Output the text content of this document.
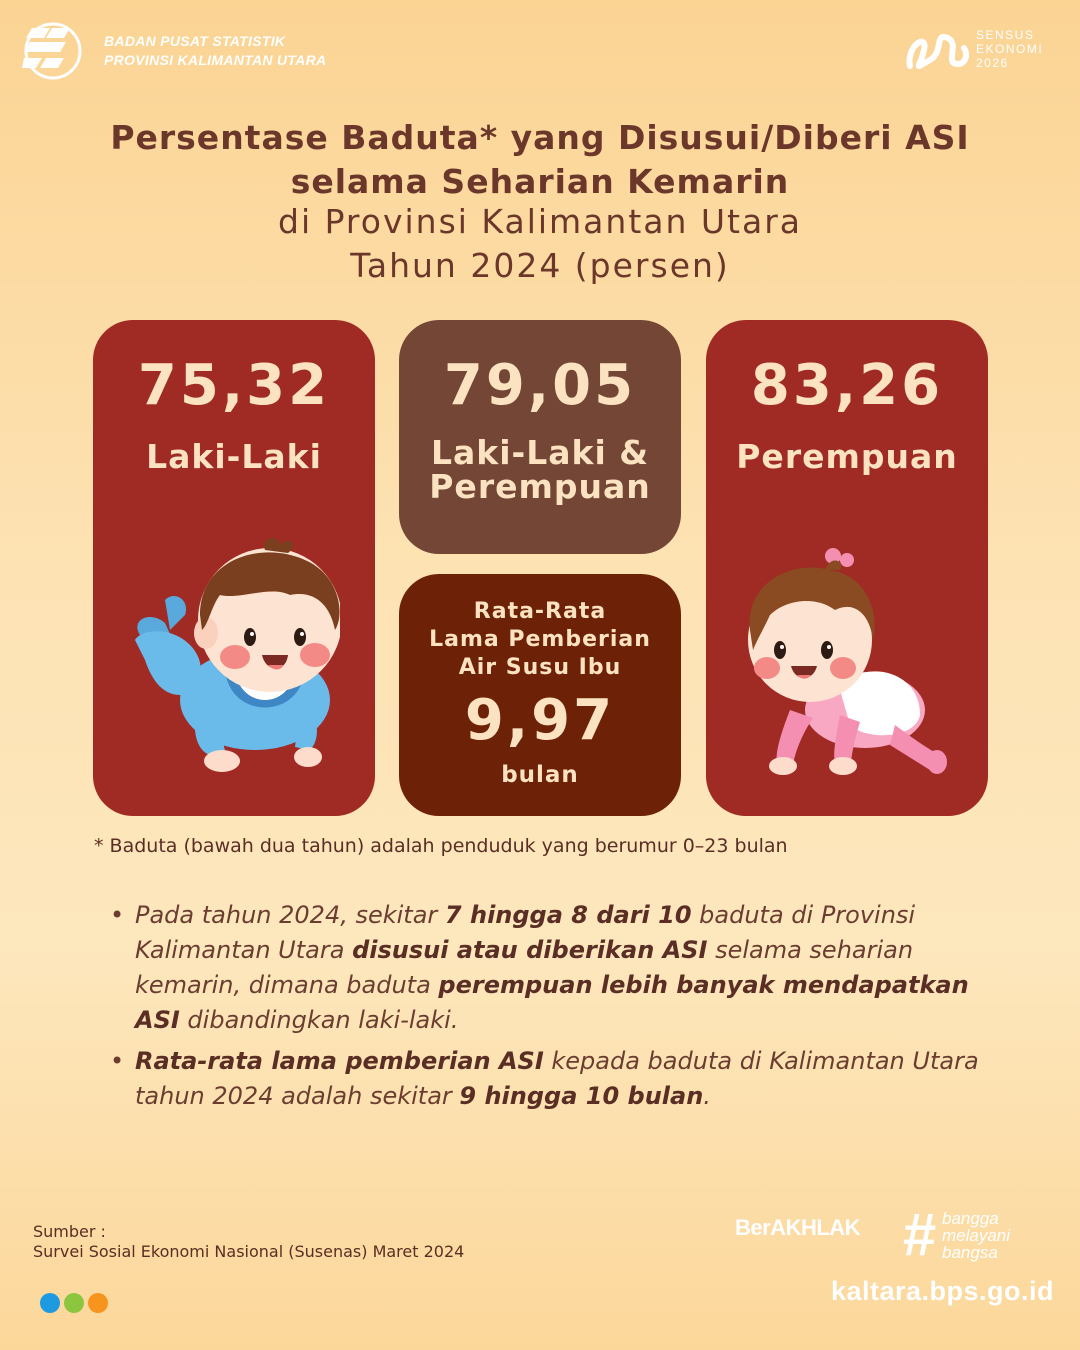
BADAN PUSAT STATISTIK
PROVINSI KALIMANTAN UTARA
SENSUS
EKONOMI
2026
Persentase Baduta* yang Disusui/Diberi ASI
selama Seharian Kemarin
di Provinsi Kalimantan Utara
Tahun 2024 (persen)
75,32
Laki-Laki
79,05
Laki-Laki &
Perempuan
Rata-Rata
Lama Pemberian
Air Susu Ibu
9,97
bulan
83,26
Perempuan
* Baduta (bawah dua tahun) adalah penduduk yang berumur 0–23 bulan
• Pada tahun 2024, sekitar 7 hingga 8 dari 10 baduta di Provinsi Kalimantan Utara disusui atau diberikan ASI selama seharian kemarin, dimana baduta perempuan lebih banyak mendapatkan ASI dibandingkan laki-laki.
• Rata-rata lama pemberian ASI kepada baduta di Kalimantan Utara tahun 2024 adalah sekitar 9 hingga 10 bulan.
Sumber :
Survei Sosial Ekonomi Nasional (Susenas) Maret 2024
BerAKHLAK # bangga
melayani
bangsa
kaltara.bps.go.id
